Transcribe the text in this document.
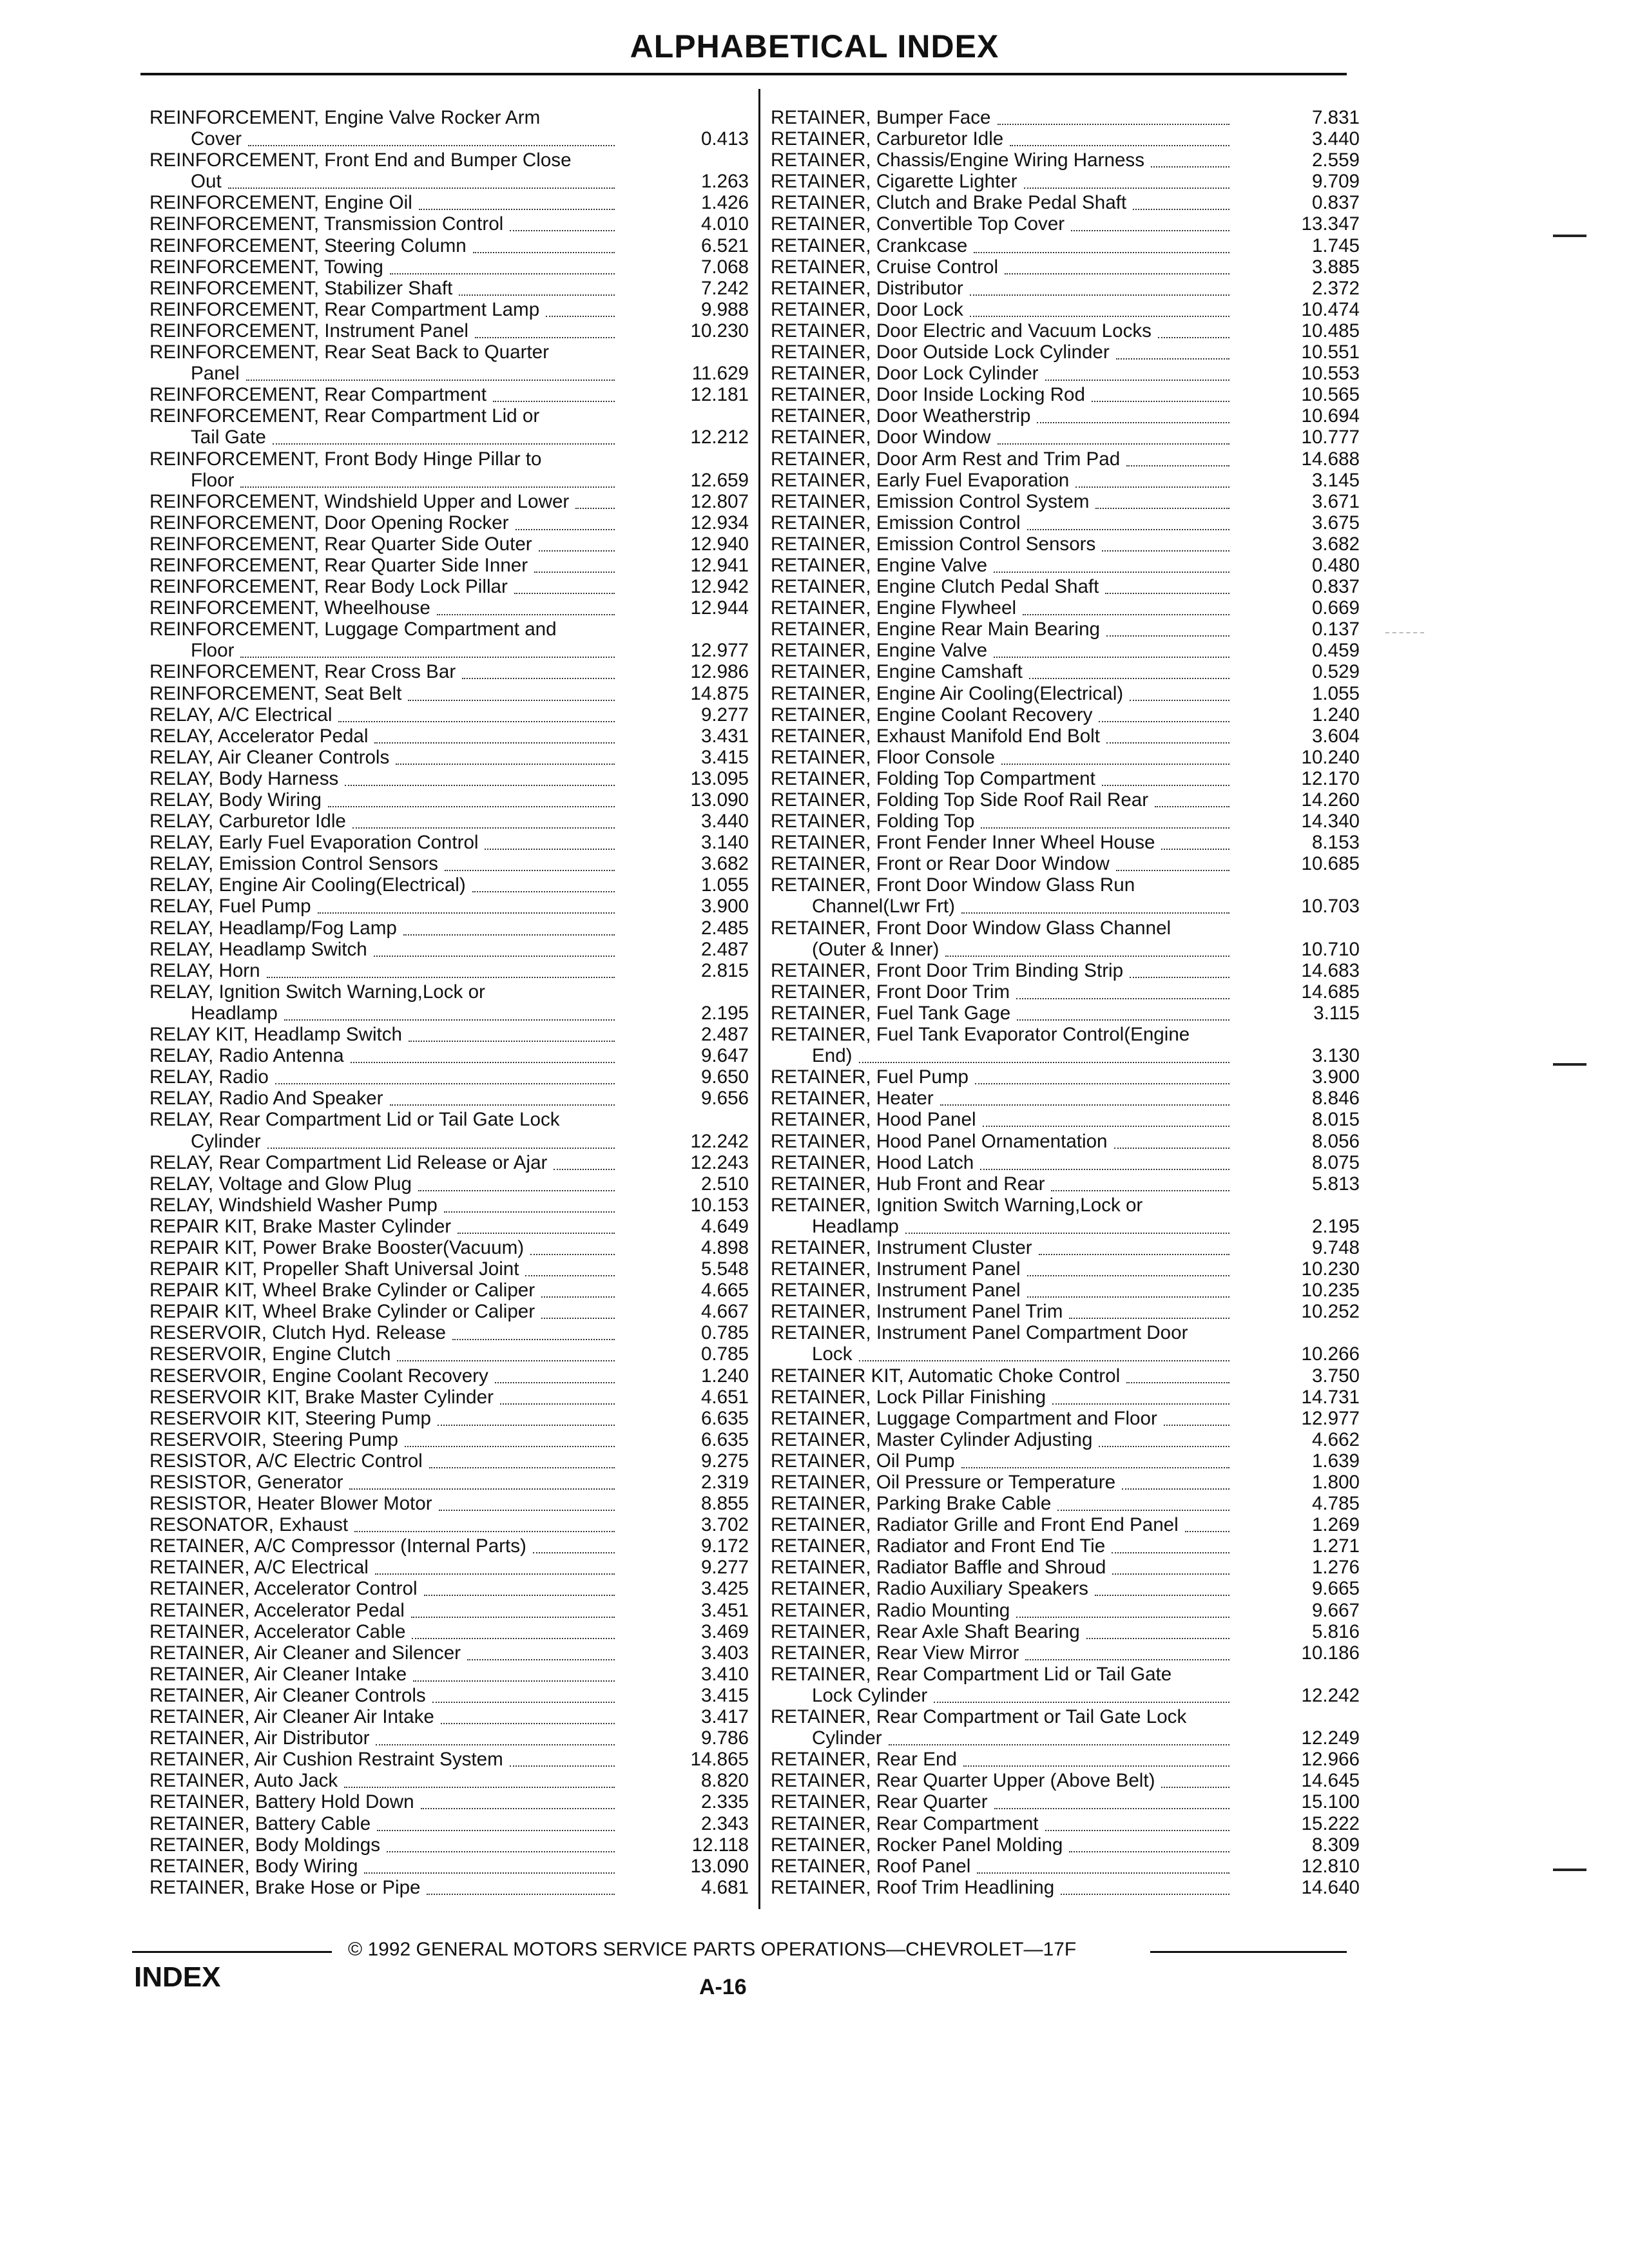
ALPHABETICAL INDEX
REINFORCEMENT, Engine Valve Rocker Arm
Cover	0.413
REINFORCEMENT, Front End and Bumper Close
Out	1.263
REINFORCEMENT, Engine Oil	1.426
REINFORCEMENT, Transmission Control	4.010
REINFORCEMENT, Steering Column	6.521
REINFORCEMENT, Towing	7.068
REINFORCEMENT, Stabilizer Shaft	7.242
REINFORCEMENT, Rear Compartment Lamp	9.988
REINFORCEMENT, Instrument Panel	10.230
REINFORCEMENT, Rear Seat Back to Quarter
Panel	11.629
REINFORCEMENT, Rear Compartment	12.181
REINFORCEMENT, Rear Compartment Lid or
Tail Gate	12.212
REINFORCEMENT, Front Body Hinge Pillar to
Floor	12.659
REINFORCEMENT, Windshield Upper and Lower	12.807
REINFORCEMENT, Door Opening Rocker	12.934
REINFORCEMENT, Rear Quarter Side Outer	12.940
REINFORCEMENT, Rear Quarter Side Inner	12.941
REINFORCEMENT, Rear Body Lock Pillar	12.942
REINFORCEMENT, Wheelhouse	12.944
REINFORCEMENT, Luggage Compartment and
Floor	12.977
REINFORCEMENT, Rear Cross Bar	12.986
REINFORCEMENT, Seat Belt	14.875
RELAY, A/C Electrical	9.277
RELAY, Accelerator Pedal	3.431
RELAY, Air Cleaner Controls	3.415
RELAY, Body Harness	13.095
RELAY, Body Wiring	13.090
RELAY, Carburetor Idle	3.440
RELAY, Early Fuel Evaporation Control	3.140
RELAY, Emission Control Sensors	3.682
RELAY, Engine Air Cooling(Electrical)	1.055
RELAY, Fuel Pump	3.900
RELAY, Headlamp/Fog Lamp	2.485
RELAY, Headlamp Switch	2.487
RELAY, Horn	2.815
RELAY, Ignition Switch Warning,Lock or
Headlamp	2.195
RELAY KIT, Headlamp Switch	2.487
RELAY, Radio Antenna	9.647
RELAY, Radio	9.650
RELAY, Radio And Speaker	9.656
RELAY, Rear Compartment Lid or Tail Gate Lock
Cylinder	12.242
RELAY, Rear Compartment Lid Release or Ajar	12.243
RELAY, Voltage and Glow Plug	2.510
RELAY, Windshield Washer Pump	10.153
REPAIR KIT, Brake Master Cylinder	4.649
REPAIR KIT, Power Brake Booster(Vacuum)	4.898
REPAIR KIT, Propeller Shaft Universal Joint	5.548
REPAIR KIT, Wheel Brake Cylinder or Caliper	4.665
REPAIR KIT, Wheel Brake Cylinder or Caliper	4.667
RESERVOIR, Clutch Hyd. Release	0.785
RESERVOIR, Engine Clutch	0.785
RESERVOIR, Engine Coolant Recovery	1.240
RESERVOIR KIT, Brake Master Cylinder	4.651
RESERVOIR KIT, Steering Pump	6.635
RESERVOIR, Steering Pump	6.635
RESISTOR, A/C Electric Control	9.275
RESISTOR, Generator	2.319
RESISTOR, Heater Blower Motor	8.855
RESONATOR, Exhaust	3.702
RETAINER, A/C Compressor (Internal Parts)	9.172
RETAINER, A/C Electrical	9.277
RETAINER, Accelerator Control	3.425
RETAINER, Accelerator Pedal	3.451
RETAINER, Accelerator Cable	3.469
RETAINER, Air Cleaner and Silencer	3.403
RETAINER, Air Cleaner Intake	3.410
RETAINER, Air Cleaner Controls	3.415
RETAINER, Air Cleaner Air Intake	3.417
RETAINER, Air Distributor	9.786
RETAINER, Air Cushion Restraint System	14.865
RETAINER, Auto Jack	8.820
RETAINER, Battery Hold Down	2.335
RETAINER, Battery Cable	2.343
RETAINER, Body Moldings	12.118
RETAINER, Body Wiring	13.090
RETAINER, Brake Hose or Pipe	4.681
RETAINER, Bumper Face	7.831
RETAINER, Carburetor Idle	3.440
RETAINER, Chassis/Engine Wiring Harness	2.559
RETAINER, Cigarette Lighter	9.709
RETAINER, Clutch and Brake Pedal Shaft	0.837
RETAINER, Convertible Top Cover	13.347
RETAINER, Crankcase	1.745
RETAINER, Cruise Control	3.885
RETAINER, Distributor	2.372
RETAINER, Door Lock	10.474
RETAINER, Door Electric and Vacuum Locks	10.485
RETAINER, Door Outside Lock Cylinder	10.551
RETAINER, Door Lock Cylinder	10.553
RETAINER, Door Inside Locking Rod	10.565
RETAINER, Door Weatherstrip	10.694
RETAINER, Door Window	10.777
RETAINER, Door Arm Rest and Trim Pad	14.688
RETAINER, Early Fuel Evaporation	3.145
RETAINER, Emission Control System	3.671
RETAINER, Emission Control	3.675
RETAINER, Emission Control Sensors	3.682
RETAINER, Engine Valve	0.480
RETAINER, Engine Clutch Pedal Shaft	0.837
RETAINER, Engine Flywheel	0.669
RETAINER, Engine Rear Main Bearing	0.137
RETAINER, Engine Valve	0.459
RETAINER, Engine Camshaft	0.529
RETAINER, Engine Air Cooling(Electrical)	1.055
RETAINER, Engine Coolant Recovery	1.240
RETAINER, Exhaust Manifold End Bolt	3.604
RETAINER, Floor Console	10.240
RETAINER, Folding Top Compartment	12.170
RETAINER, Folding Top Side Roof Rail Rear	14.260
RETAINER, Folding Top	14.340
RETAINER, Front Fender Inner Wheel House	8.153
RETAINER, Front or Rear Door Window	10.685
RETAINER, Front Door Window Glass Run
Channel(Lwr Frt)	10.703
RETAINER, Front Door Window Glass Channel
(Outer & Inner)	10.710
RETAINER, Front Door Trim Binding Strip	14.683
RETAINER, Front Door Trim	14.685
RETAINER, Fuel Tank Gage	3.115
RETAINER, Fuel Tank Evaporator Control(Engine
End)	3.130
RETAINER, Fuel Pump	3.900
RETAINER, Heater	8.846
RETAINER, Hood Panel	8.015
RETAINER, Hood Panel Ornamentation	8.056
RETAINER, Hood Latch	8.075
RETAINER, Hub Front and Rear	5.813
RETAINER, Ignition Switch Warning,Lock or
Headlamp	2.195
RETAINER, Instrument Cluster	9.748
RETAINER, Instrument Panel	10.230
RETAINER, Instrument Panel	10.235
RETAINER, Instrument Panel Trim	10.252
RETAINER, Instrument Panel Compartment Door
Lock	10.266
RETAINER KIT, Automatic Choke Control	3.750
RETAINER, Lock Pillar Finishing	14.731
RETAINER, Luggage Compartment and Floor	12.977
RETAINER, Master Cylinder Adjusting	4.662
RETAINER, Oil Pump	1.639
RETAINER, Oil Pressure or Temperature	1.800
RETAINER, Parking Brake Cable	4.785
RETAINER, Radiator Grille and Front End Panel	1.269
RETAINER, Radiator and Front End Tie	1.271
RETAINER, Radiator Baffle and Shroud	1.276
RETAINER, Radio Auxiliary Speakers	9.665
RETAINER, Radio Mounting	9.667
RETAINER, Rear Axle Shaft Bearing	5.816
RETAINER, Rear View Mirror	10.186
RETAINER, Rear Compartment Lid or Tail Gate
Lock Cylinder	12.242
RETAINER, Rear Compartment or Tail Gate Lock
Cylinder	12.249
RETAINER, Rear End	12.966
RETAINER, Rear Quarter Upper (Above Belt)	14.645
RETAINER, Rear Quarter	15.100
RETAINER, Rear Compartment	15.222
RETAINER, Rocker Panel Molding	8.309
RETAINER, Roof Panel	12.810
RETAINER, Roof Trim Headlining	14.640
© 1992 GENERAL MOTORS SERVICE PARTS OPERATIONS—CHEVROLET—17F
INDEX	A-16
